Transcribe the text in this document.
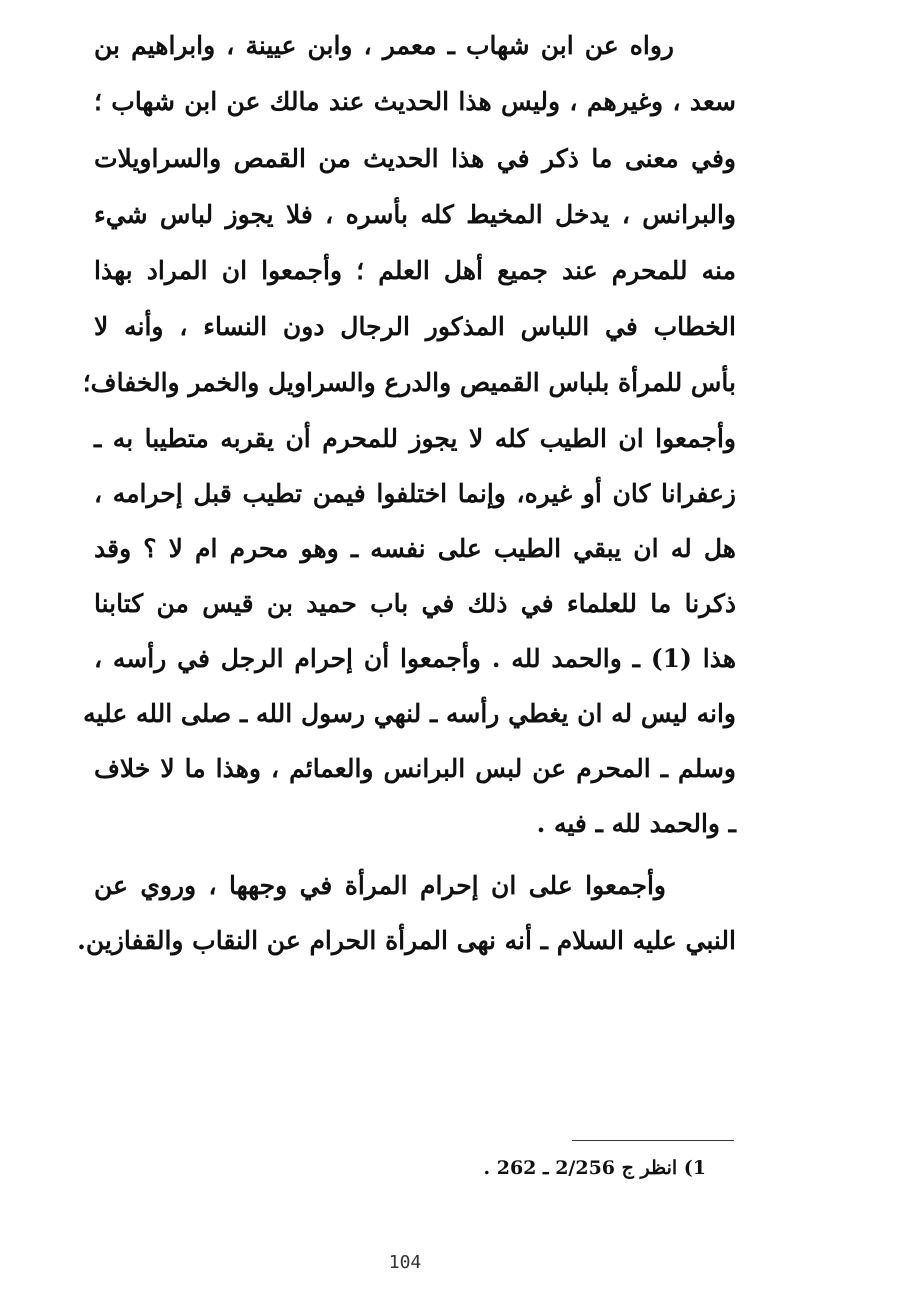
رواه عن ابن شهاب ـ معمر ، وابن عيينة ، وابراهيم بن
سعد ، وغيرهم ، وليس هذا الحديث عند مالك عن ابن شهاب ؛
وفي معنى ما ذكر في هذا الحديث من القمص والسراويلات
والبرانس ، يدخل المخيط كله بأسره ، فلا يجوز لباس شيء
منه للمحرم عند جميع أهل العلم ؛ وأجمعوا ان المراد بهذا
الخطاب في اللباس المذكور الرجال دون النساء ، وأنه لا
بأس للمرأة بلباس القميص والدرع والسراويل والخمر والخفاف؛
وأجمعوا ان الطيب كله لا يجوز للمحرم أن يقربه متطيبا به ـ
زعفرانا كان أو غيره، وإنما اختلفوا فيمن تطيب قبل إحرامه ،
هل له ان يبقي الطيب على نفسه ـ وهو محرم ام لا ؟ وقد
ذكرنا ما للعلماء في ذلك في باب حميد بن قيس من كتابنا
هذا (1) ـ والحمد لله . وأجمعوا أن إحرام الرجل في رأسه ،
وانه ليس له ان يغطي رأسه ـ لنهي رسول الله ـ صلى الله عليه
وسلم ـ المحرم عن لبس البرانس والعمائم ، وهذا ما لا خلاف
ـ والحمد لله ـ فيه .
وأجمعوا على ان إحرام المرأة في وجهها ، وروي عن
النبي عليه السلام ـ أنه نهى المرأة الحرام عن النقاب والقفازين.
1) انظر ج 2/256 ـ 262 .
104
